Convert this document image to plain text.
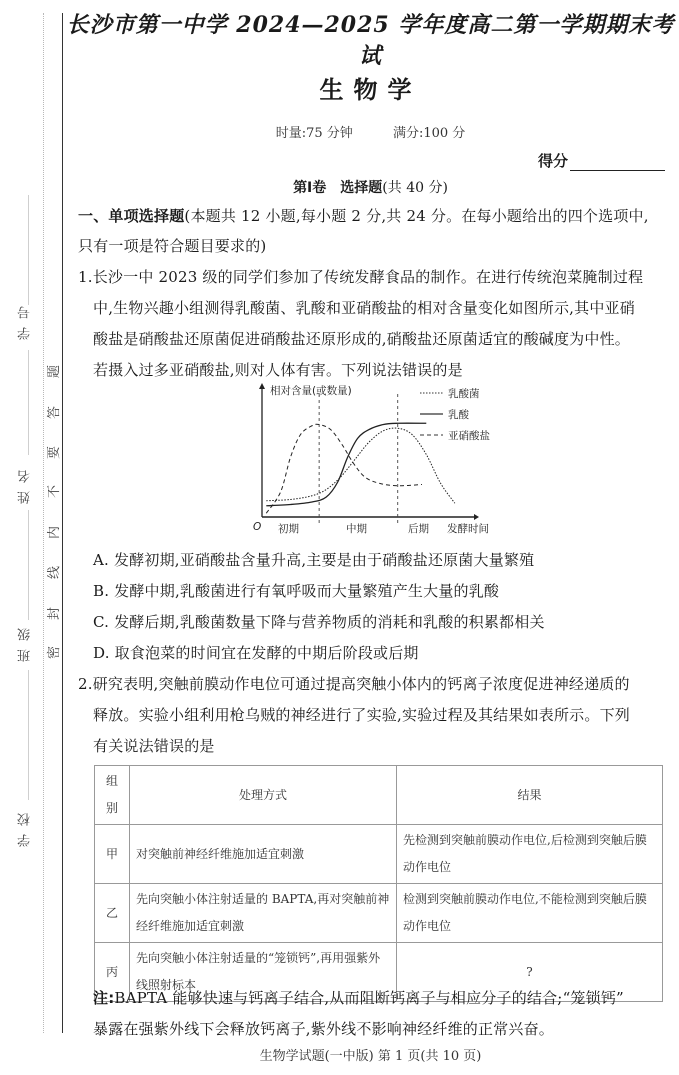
学号
姓名
班级
学校
密
封
线
内
不
要
答
题
长沙市第一中学 2024—2025 学年度高二第一学期期末考试
生物学
时量:75 分钟	满分:100 分
得分
第Ⅰ卷　选择题(共 40 分)
一、单项选择题(本题共 12 小题,每小题 2 分,共 24 分。在每小题给出的四个选项中,
只有一项是符合题目要求的)
1.长沙一中 2023 级的同学们参加了传统发酵食品的制作。在进行传统泡菜腌制过程
中,生物兴趣小组测得乳酸菌、乳酸和亚硝酸盐的相对含量变化如图所示,其中亚硝
酸盐是硝酸盐还原菌促进硝酸盐还原形成的,硝酸盐还原菌适宜的酸碱度为中性。
若摄入过多亚硝酸盐,则对人体有害。下列说法错误的是
相对含量(或数量)
O 初期	中期	后期 发酵时间
乳酸菌
乳酸
亚硝酸盐
A. 发酵初期,亚硝酸盐含量升高,主要是由于硝酸盐还原菌大量繁殖
B. 发酵中期,乳酸菌进行有氧呼吸而大量繁殖产生大量的乳酸
C. 发酵后期,乳酸菌数量下降与营养物质的消耗和乳酸的积累都相关
D. 取食泡菜的时间宜在发酵的中期后阶段或后期
2.研究表明,突触前膜动作电位可通过提高突触小体内的钙离子浓度促进神经递质的
释放。实验小组利用枪乌贼的神经进行了实验,实验过程及其结果如表所示。下列
有关说法错误的是
组别	处理方式	结果
甲	对突触前神经纤维施加适宜刺激	先检测到突触前膜动作电位,后检测到突触后膜动作电位
乙	先向突触小体注射适量的 BAPTA,再对突触前神经纤维施加适宜刺激	检测到突触前膜动作电位,不能检测到突触后膜动作电位
丙	先向突触小体注射适量的“笼锁钙”,再用强紫外线照射标本	?
注:BAPTA 能够快速与钙离子结合,从而阻断钙离子与相应分子的结合;“笼锁钙”
暴露在强紫外线下会释放钙离子,紫外线不影响神经纤维的正常兴奋。
生物学试题(一中版) 第 1 页(共 10 页)
